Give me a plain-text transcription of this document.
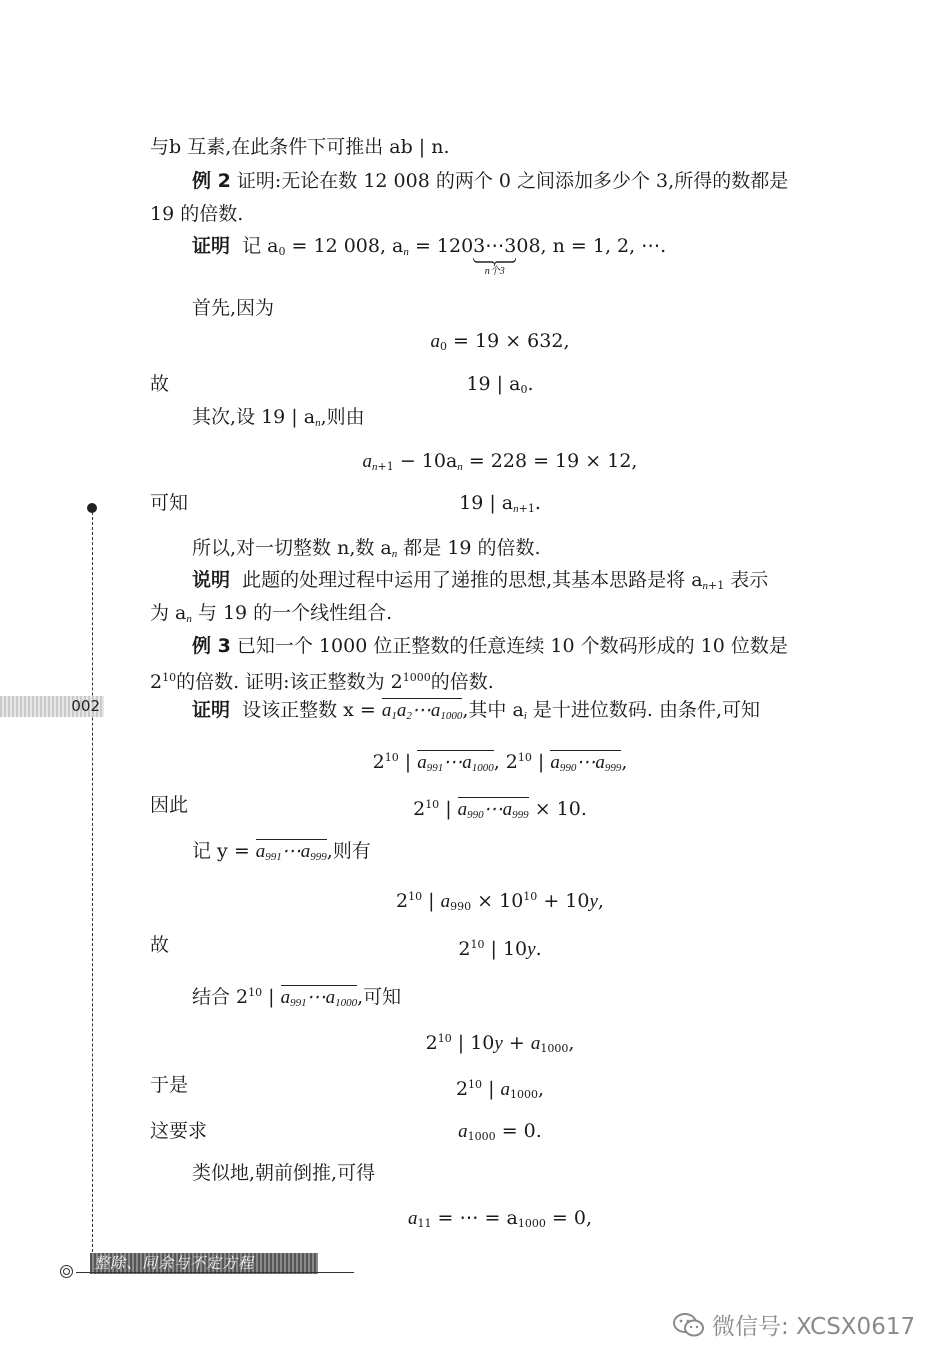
002
与b 互素,在此条件下可推出 ab | n.
例 2 证明:无论在数 12 008 的两个 0 之间添加多少个 3,所得的数都是
19 的倍数.
证明 记 $a_0 = 12$ 008, $a_n$ = 1203⋯3
n个3
08, n = 1, 2, ⋯.
首先,因为
$a_0 = 19 \times 632$,
故	19 | $a_0$.
其次,设 19 | $a_n$,则由
$a_{n+1} - 10a_n = 228 = 19 \times 12$,
可知	19 | $a_{n+1}$.
所以,对一切整数 n,数 $a_n$ 都是 19 的倍数.
说明 此题的处理过程中运用了递推的思想,其基本思路是将 $a_{n+1}$ 表示
为 $a_n$ 与 19 的一个线性组合.
例 3 已知一个 1000 位正整数的任意连续 10 个数码形成的 10 位数是
$2^{10}$的倍数. 证明:该正整数为 $2^{1000}$的倍数.
证明 设该正整数 $x = a_1a_2\cdots a_{1000}$,其中 $a_i$ 是十进位数码. 由条件,可知
$2^{10}$ | $a_{991}\cdots a_{1000}$, $2^{10}$ | $a_{990}\cdots a_{999}$,
因此	$2^{10}$ | $a_{990}\cdots a_{999} \times 10$.
记 $y = a_{991}\cdots a_{999}$,则有
$2^{10}$ | $a_{990} \times 10^{10} + 10y$,
故	$2^{10}$ | 10y.
结合 $2^{10}$ | $a_{991}\cdots a_{1000}$,可知
$2^{10}$ | $10y + a_{1000}$,
于是	$2^{10}$ | $a_{1000}$,
这要求	$a_{1000} = 0$.
类似地,朝前倒推,可得
$a_{11}$ = ⋯ = $a_{1000} = 0$,
整除、同余与不定方程
微信号: XCSX0617
